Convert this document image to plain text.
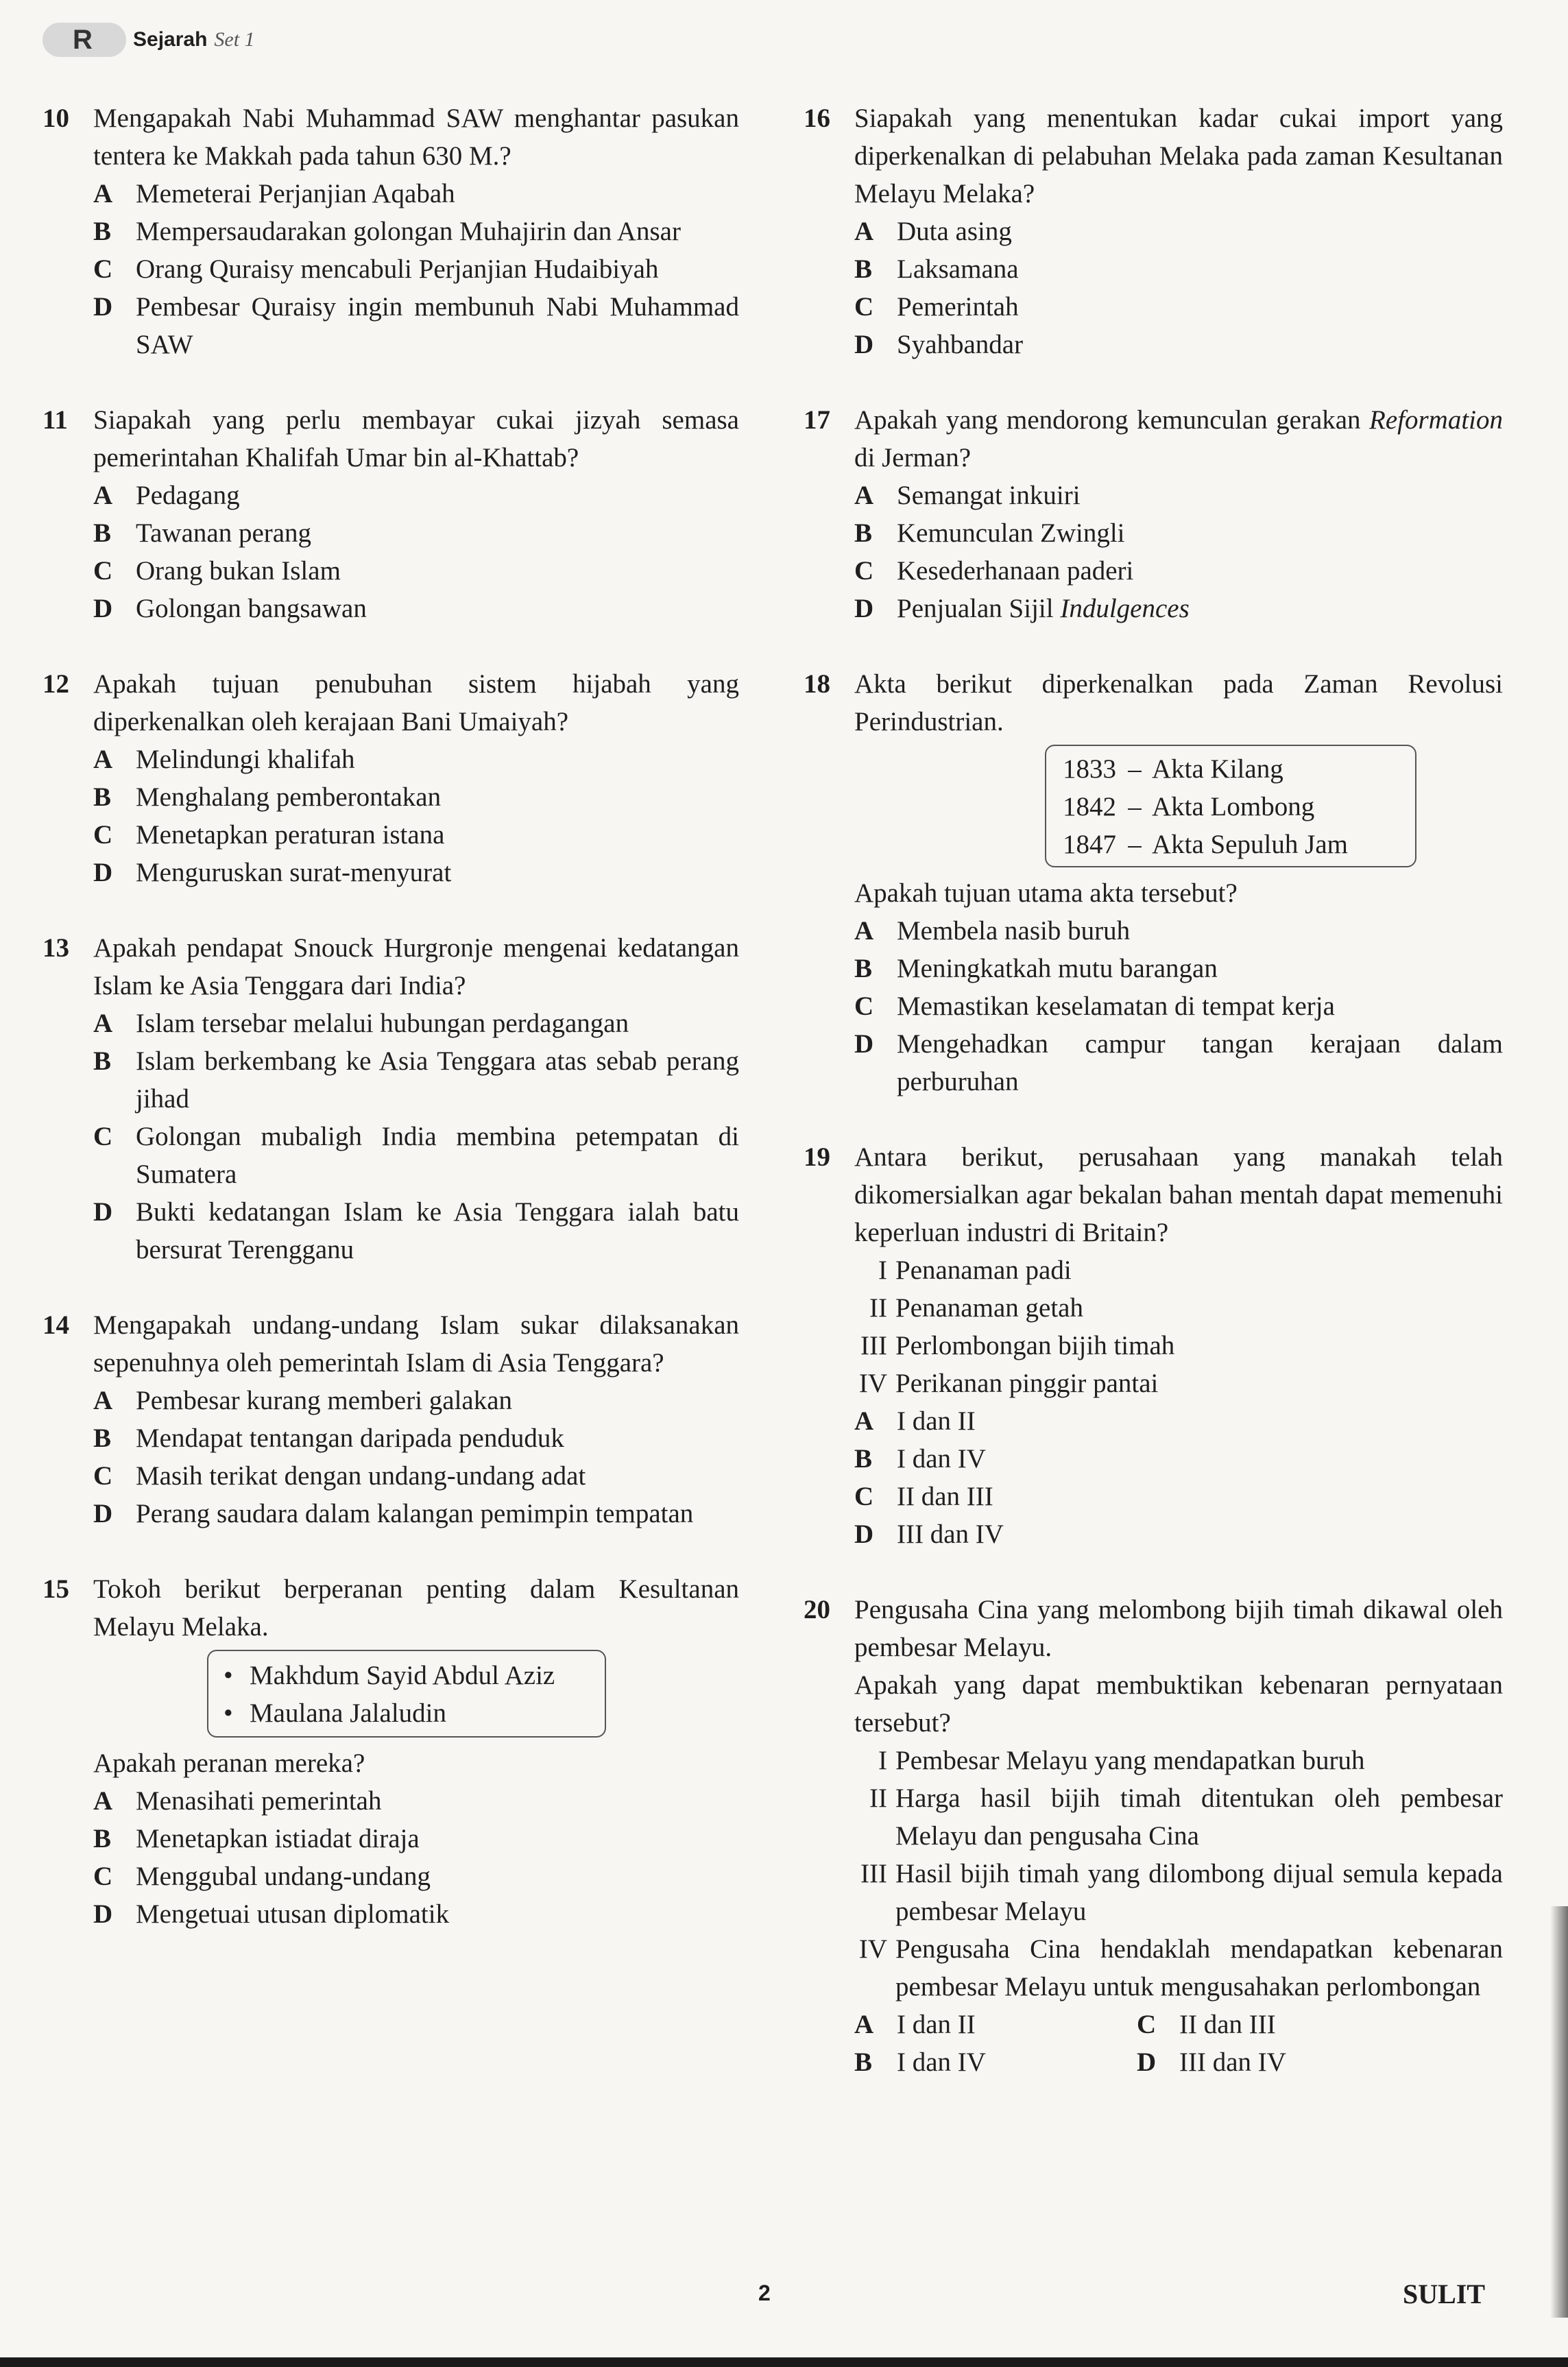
R Sejarah Set 1
10 Mengapakah Nabi Muhammad SAW menghantar pasukan tentera ke Makkah pada tahun 630 M.?
A Memeterai Perjanjian Aqabah
B Mempersaudarakan golongan Muhajirin dan Ansar
C Orang Quraisy mencabuli Perjanjian Hudaibiyah
D Pembesar Quraisy ingin membunuh Nabi Muhammad SAW
11 Siapakah yang perlu membayar cukai jizyah semasa pemerintahan Khalifah Umar bin al-Khattab?
A Pedagang
B Tawanan perang
C Orang bukan Islam
D Golongan bangsawan
12 Apakah tujuan penubuhan sistem hijabah yang diperkenalkan oleh kerajaan Bani Umaiyah?
A Melindungi khalifah
B Menghalang pemberontakan
C Menetapkan peraturan istana
D Menguruskan surat-menyurat
13 Apakah pendapat Snouck Hurgronje mengenai kedatangan Islam ke Asia Tenggara dari India?
A Islam tersebar melalui hubungan perdagangan
B Islam berkembang ke Asia Tenggara atas sebab perang jihad
C Golongan mubaligh India membina petempatan di Sumatera
D Bukti kedatangan Islam ke Asia Tenggara ialah batu bersurat Terengganu
14 Mengapakah undang-undang Islam sukar dilaksanakan sepenuhnya oleh pemerintah Islam di Asia Tenggara?
A Pembesar kurang memberi galakan
B Mendapat tentangan daripada penduduk
C Masih terikat dengan undang-undang adat
D Perang saudara dalam kalangan pemimpin tempatan
15 Tokoh berikut berperanan penting dalam Kesultanan Melayu Melaka.
• Makhdum Sayid Abdul Aziz
• Maulana Jalaludin
Apakah peranan mereka?
A Menasihati pemerintah
B Menetapkan istiadat diraja
C Menggubal undang-undang
D Mengetuai utusan diplomatik
16 Siapakah yang menentukan kadar cukai import yang diperkenalkan di pelabuhan Melaka pada zaman Kesultanan Melayu Melaka?
A Duta asing
B Laksamana
C Pemerintah
D Syahbandar
17 Apakah yang mendorong kemunculan gerakan Reformation di Jerman?
A Semangat inkuiri
B Kemunculan Zwingli
C Kesederhanaan paderi
D Penjualan Sijil Indulgences
18 Akta berikut diperkenalkan pada Zaman Revolusi Perindustrian.
1833 – Akta Kilang
1842 – Akta Lombong
1847 – Akta Sepuluh Jam
Apakah tujuan utama akta tersebut?
A Membela nasib buruh
B Meningkatkah mutu barangan
C Memastikan keselamatan di tempat kerja
D Mengehadkan campur tangan kerajaan dalam perburuhan
19 Antara berikut, perusahaan yang manakah telah dikomersialkan agar bekalan bahan mentah dapat memenuhi keperluan industri di Britain?
I Penanaman padi
II Penanaman getah
III Perlombongan bijih timah
IV Perikanan pinggir pantai
A I dan II
B I dan IV
C II dan III
D III dan IV
20 Pengusaha Cina yang melombong bijih timah dikawal oleh pembesar Melayu.
Apakah yang dapat membuktikan kebenaran pernyataan tersebut?
I Pembesar Melayu yang mendapatkan buruh
II Harga hasil bijih timah ditentukan oleh pembesar Melayu dan pengusaha Cina
III Hasil bijih timah yang dilombong dijual semula kepada pembesar Melayu
IV Pengusaha Cina hendaklah mendapatkan kebenaran pembesar Melayu untuk mengusahakan perlombongan
A I dan II	C II dan III
B I dan IV	D III dan IV
2	SULIT
